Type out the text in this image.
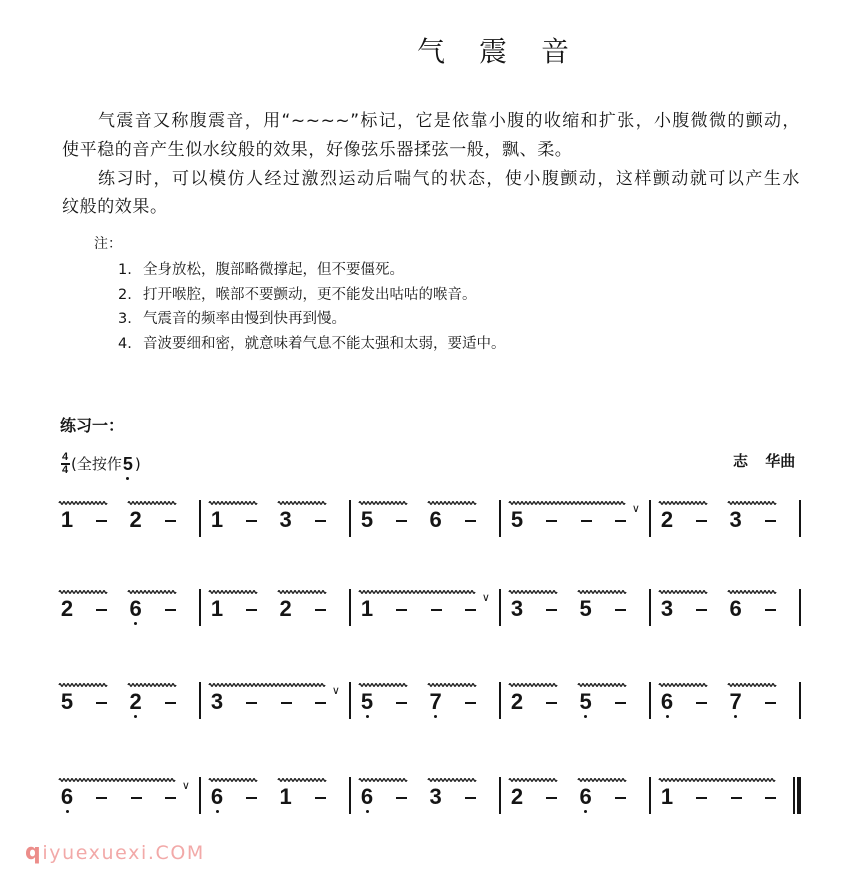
气震音
气震音又称腹震音，用“~~~~”标记，它是依靠小腹的收缩和扩张，小腹微微的颤动，
使平稳的音产生似水纹般的效果，好像弦乐器揉弦一般，飘、柔。
练习时，可以模仿人经过激烈运动后喘气的状态，使小腹颤动，这样颤动就可以产生水
纹般的效果。
注：
1. 全身放松，腹部略微撑起，但不要僵死。
2. 打开喉腔，喉部不要颤动，更不能发出咕咕的喉音。
3. 气震音的频率由慢到快再到慢。
4. 音波要细和密，就意味着气息不能太强和太弱，要适中。
练习一：
4
4 (全按作 5 )	志 华曲
1	2	1	3	5	6	5	∨ 2	3
2	6	1	2	1	∨ 3	5	3	6
5	2	3	∨ 5	7	2	5	6	7
6	∨ 6	1	6	3	2	6	1
qiyuexuexi.COM
